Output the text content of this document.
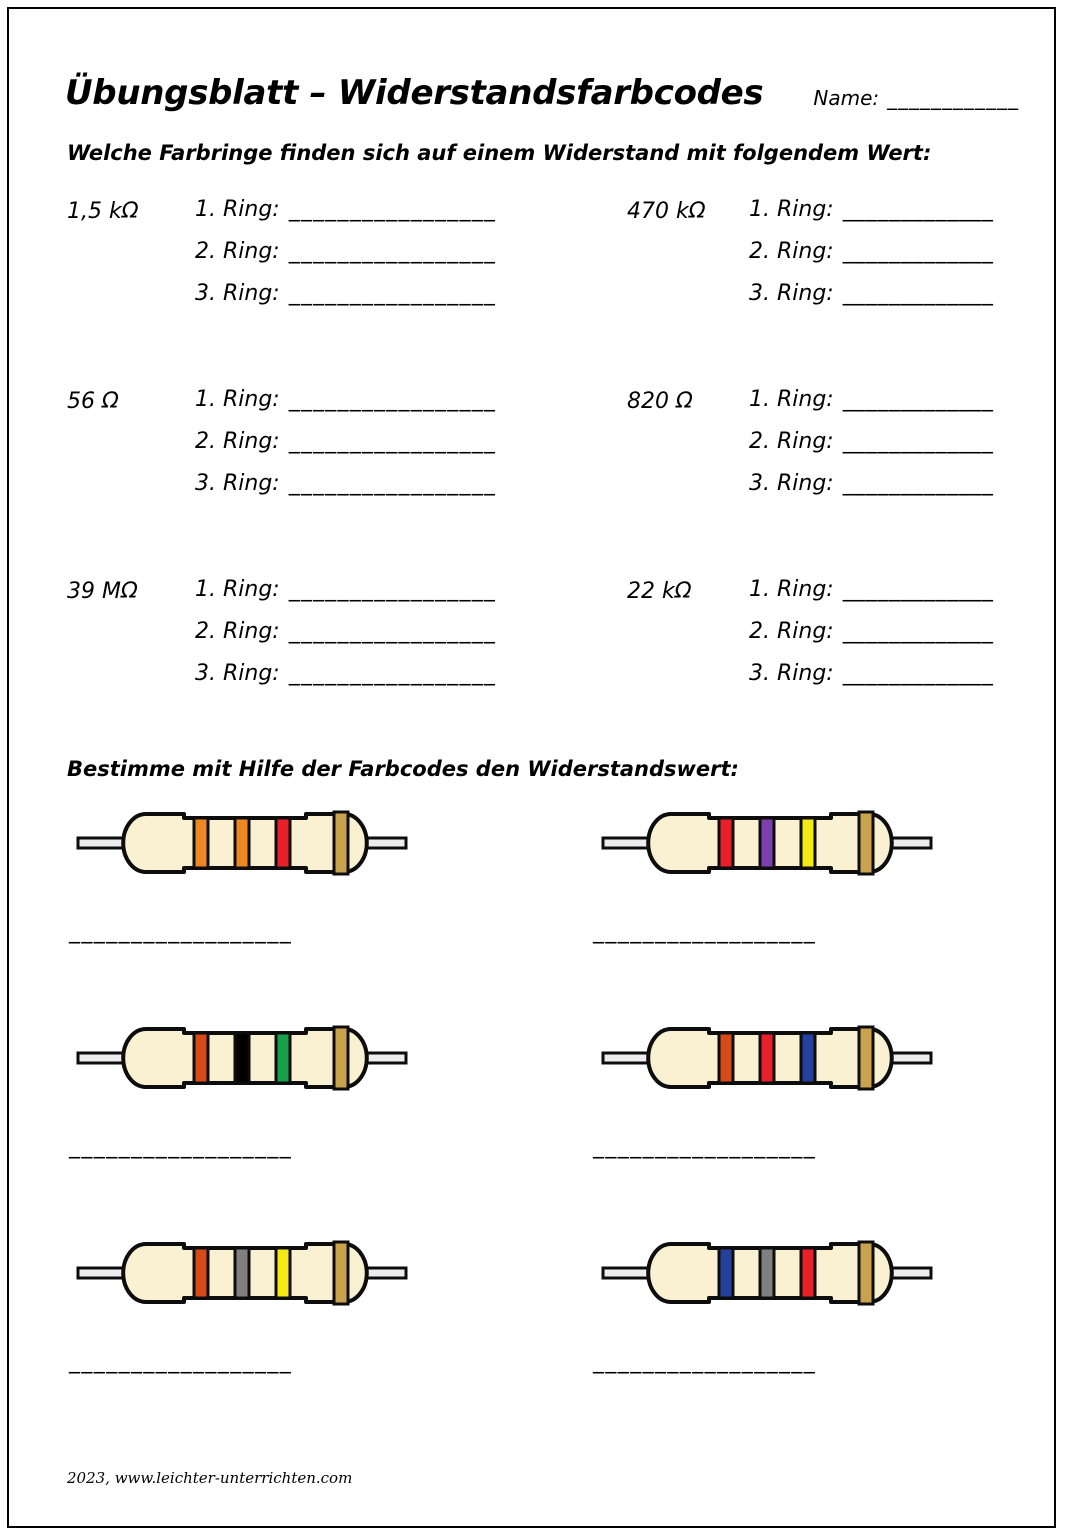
Übungsblatt – Widerstandsfarbcodes	Name: ____________
Welche Farbringe finden sich auf einem Widerstand mit folgendem Wert:
1,5 kΩ	1. Ring: _________________
2. Ring: _________________
3. Ring: _________________
470 kΩ	1. Ring: _____________
2. Ring: _____________
3. Ring: _____________
56 Ω	1. Ring: _________________
2. Ring: _________________
3. Ring: _________________
820 Ω	1. Ring: _____________
2. Ring: _____________
3. Ring: _____________
39 MΩ	1. Ring: _________________
2. Ring: _________________
3. Ring: _________________
22 kΩ	1. Ring: _____________
2. Ring: _____________
3. Ring: _____________
Bestimme mit Hilfe der Farbcodes den Widerstandswert:
__________________	__________________
__________________	__________________
__________________	__________________
2023, www.leichter-unterrichten.com
